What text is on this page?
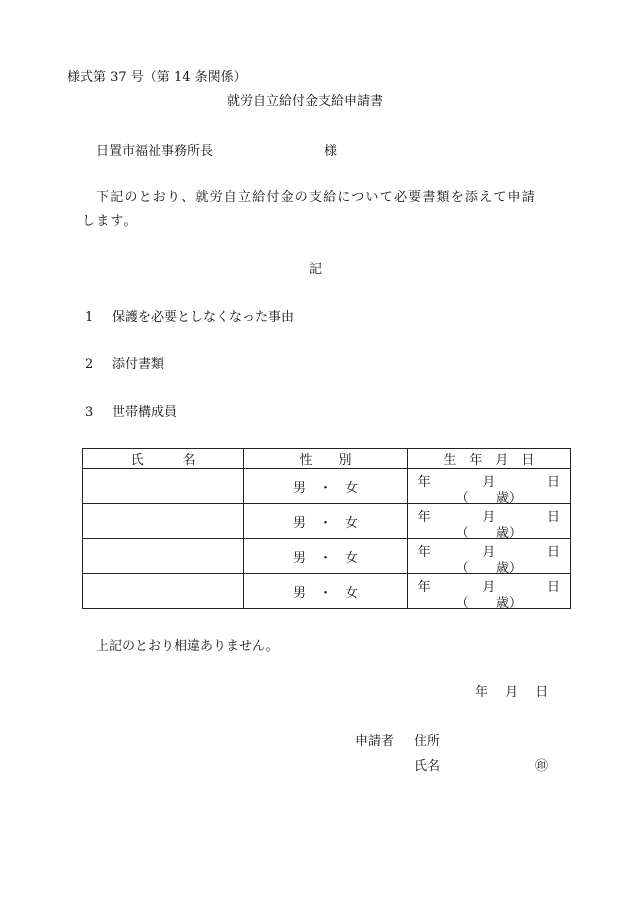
様式第 37 号（第 14 条関係）
就労自立給付金支給申請書
日置市福祉事務所長	様
下記のとおり、就労自立給付金の支給について必要書類を添えて申請
します。
記
1 保護を必要としなくなった事由
2 添付書類
3 世帯構成員
氏　　　名	性　　別	生　年　月　日
	男　・　女	年 月 日
（ 歳）

	男　・　女	年 月 日
（ 歳）

	男　・　女	年 月 日
（ 歳）

	男　・　女	年 月 日
（ 歳）
上記のとおり相違ありません。
年　 月　 日
申請者 住所
氏名	㊞
